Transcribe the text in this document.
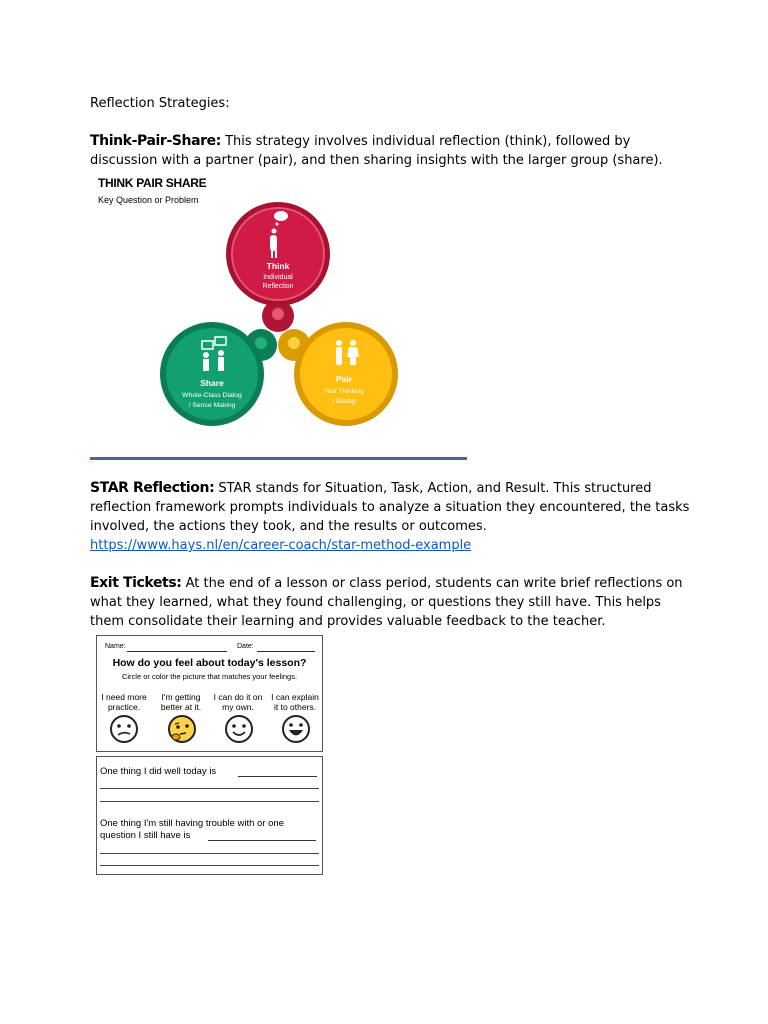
Reflection Strategies:
Think-Pair-Share: This strategy involves individual reflection (think), followed by discussion with a partner (pair), and then sharing insights with the larger group (share).
THINK PAIR SHARE
Key Question or Problem
Think
Individual
Reflection
Share
Whole-Class Dialog
/ Sense Making
Pair
Test Thinking
/ Dialog
STAR Reflection: STAR stands for Situation, Task, Action, and Result. This structured reflection framework prompts individuals to analyze a situation they encountered, the tasks involved, the actions they took, and the results or outcomes.
https://www.hays.nl/en/career-coach/star-method-example
Exit Tickets: At the end of a lesson or class period, students can write brief reflections on what they learned, what they found challenging, or questions they still have. This helps them consolidate their learning and provides valuable feedback to the teacher.
Name:	Date:
How do you feel about today's lesson?
Circle or color the picture that matches your feelings.
I need more
practice.
I'm getting
better at it.
I can do it on
my own.
I can explain
it to others.
One thing I did well today is
One thing I'm still having trouble with or one
question I still have is
